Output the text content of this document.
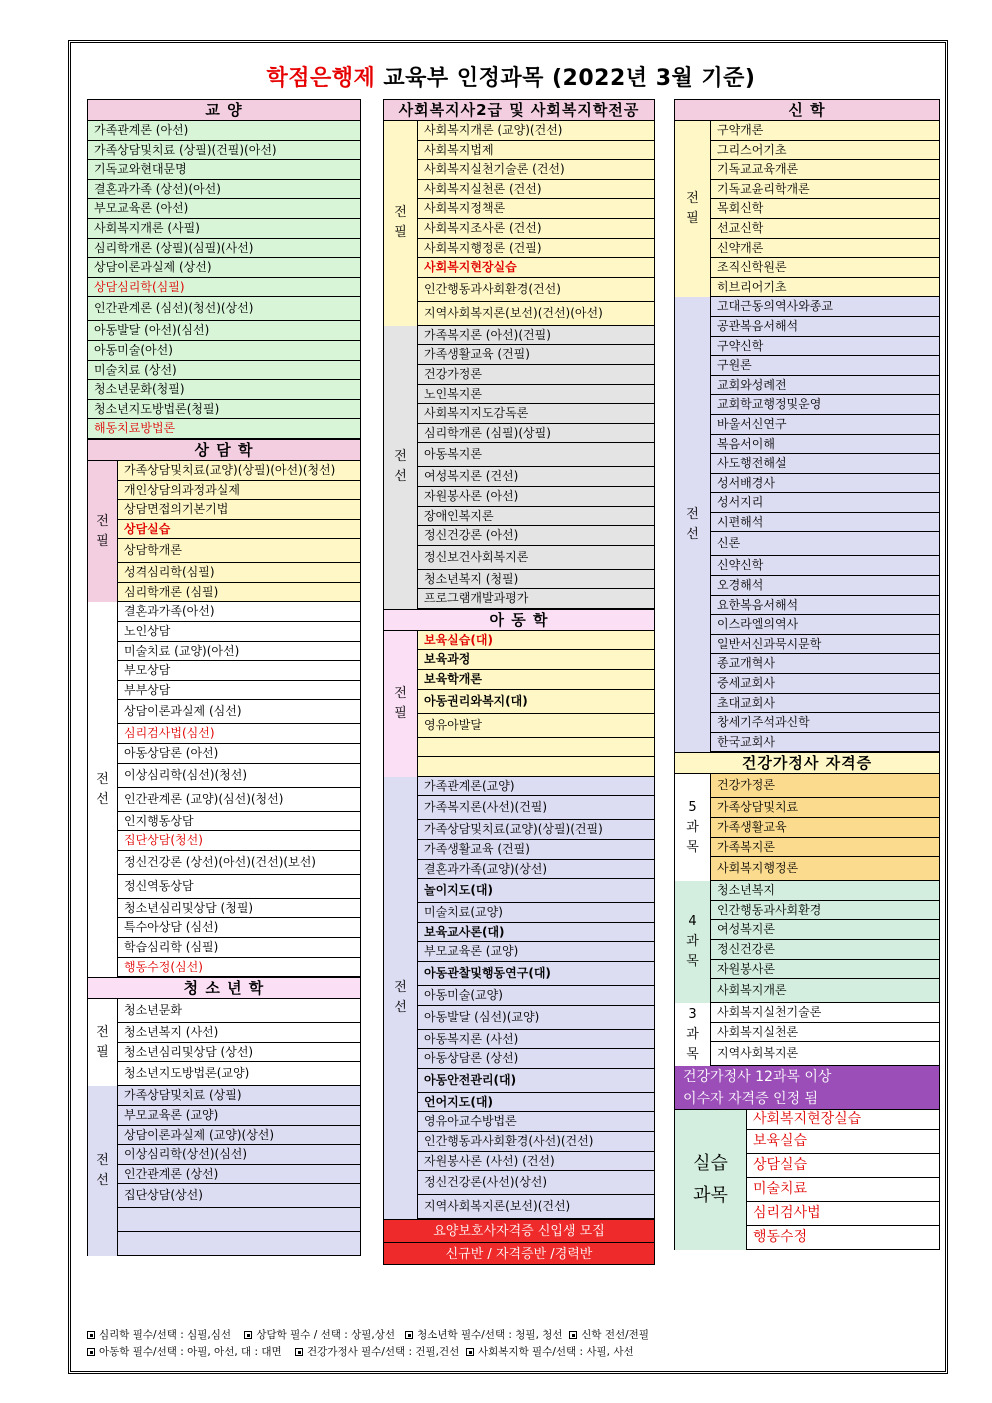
학점은행제 교육부 인정과목 (2022년 3월 기준)
교 양
가족관계론 (아선)
가족상담및치료 (상필)(건필)(아선)
기독교와현대문명
결혼과가족 (상선)(아선)
부모교육론 (아선)
사회복지개론 (사필)
심리학개론 (상필)(심필)(사선)
상담이론과실제 (상선)
상담심리학(심필)
인간관계론 (심선)(청선)(상선)
아동발달 (아선)(심선)
아동미술(아선)
미술치료 (상선)
청소년문화(청필)
청소년지도방법론(청필)
해동치료방법론
상 담 학
전
필
가족상담및치료(교양)(상필)(아선)(청선)
개인상담의과정과실제
상담면접의기본기법
상담실습
상담학개론
성격심리학(심필)
심리학개론 (심필)
전
선
결혼과가족(아선)
노인상담
미술치료 (교양)(아선)
부모상담
부부상담
상담이론과실제 (심선)
심리검사법(심선)
아동상담론 (아선)
이상심리학(심선)(청선)
인간관계론 (교양)(심선)(청선)
인지행동상담
집단상담(청선)
정신건강론 (상선)(아선)(건선)(보선)
정신역동상담
청소년심리및상담 (청필)
특수아상담 (심선)
학습심리학 (심필)
행동수정(심선)
청 소 년 학
전
필
청소년문화
청소년복지 (사선)
청소년심리및상담 (상선)
청소년지도방법론(교양)
전
선
가족상담및치료 (상필)
부모교육론 (교양)
상담이론과실제 (교양)(상선)
이상심리학(상선)(심선)
인간관계론 (상선)
집단상담(상선)
사회복지사2급 및 사회복지학전공
전
필
사회복지개론 (교양)(건선)
사회복지법제
사회복지실천기술론 (건선)
사회복지실천론 (건선)
사회복지정책론
사회복지조사론 (건선)
사회복지행정론 (건필)
사회복지현장실습
인간행동과사회환경(건선)
지역사회복지론(보선)(건선)(아선)
전
선
가족복지론 (아선)(건필)
가족생활교육 (건필)
건강가정론
노인복지론
사회복지지도감독론
심리학개론 (심필)(상필)
아동복지론
여성복지론 (건선)
자원봉사론 (아선)
장애인복지론
정신건강론 (아선)
정신보건사회복지론
청소년복지 (청필)
프로그램개발과평가
아 동 학
전
필
보육실습(대)
보육과정
보육학개론
아동권리와복지(대)
영유아발달
전
선
가족관계론(교양)
가족복지론(사선)(건필)
가족상담및치료(교양)(상필)(건필)
가족생활교육 (건필)
결혼과가족(교양)(상선)
놀이지도(대)
미술치료(교양)
보육교사론(대)
부모교육론 (교양)
아동관찰및행동연구(대)
아동미술(교양)
아동발달 (심선)(교양)
아동복지론 (사선)
아동상담론 (상선)
아동안전관리(대)
언어지도(대)
영유아교수방법론
인간행동과사회환경(사선)(건선)
자원봉사론 (사선) (건선)
정신건강론(사선)(상선)
지역사회복지론(보선)(건선)
요양보호사자격증 신입생 모집
신규반 / 자격증반 /경력반
신 학
전
필
구약개론
그리스어기초
기독교교육개론
기독교윤리학개론
목회신학
선교신학
신약개론
조직신학원론
히브리어기초
전
선
고대근동의역사와종교
공관복음서해석
구약신학
구원론
교회와성례전
교회학교행정및운영
바울서신연구
복음서이해
사도행전해설
성서배경사
성서지리
시편해석
신론
신약신학
오경해석
요한복음서해석
이스라엘의역사
일반서신과묵시문학
종교개혁사
중세교회사
초대교회사
창세기주석과신학
한국교회사
건강가정사 자격증
5
과
목
건강가정론
가족상담및치료
가족생활교육
가족복지론
사회복지행정론
4
과
목
청소년복지
인간행동과사회환경
여성복지론
정신건강론
자원봉사론
사회복지개론
3
과
목
사회복지실천기술론
사회복지실천론
지역사회복지론
건강가정사 12과목 이상
이수자 자격증 인정 됨
실습
과목
사회복지현장실습
보육실습
상담실습
미술치료
심리검사법
행동수정
심리학 필수/선택 : 심필,심선 상담학 필수 / 선택 : 상필,상선 청소년학 필수/선택 : 청필, 청선 신학 전선/전필
아동학 필수/선택 : 아필, 아선, 대 : 대면 건강가정사 필수/선택 : 건필,건선 사회복지학 필수/선택 : 사필, 사선
